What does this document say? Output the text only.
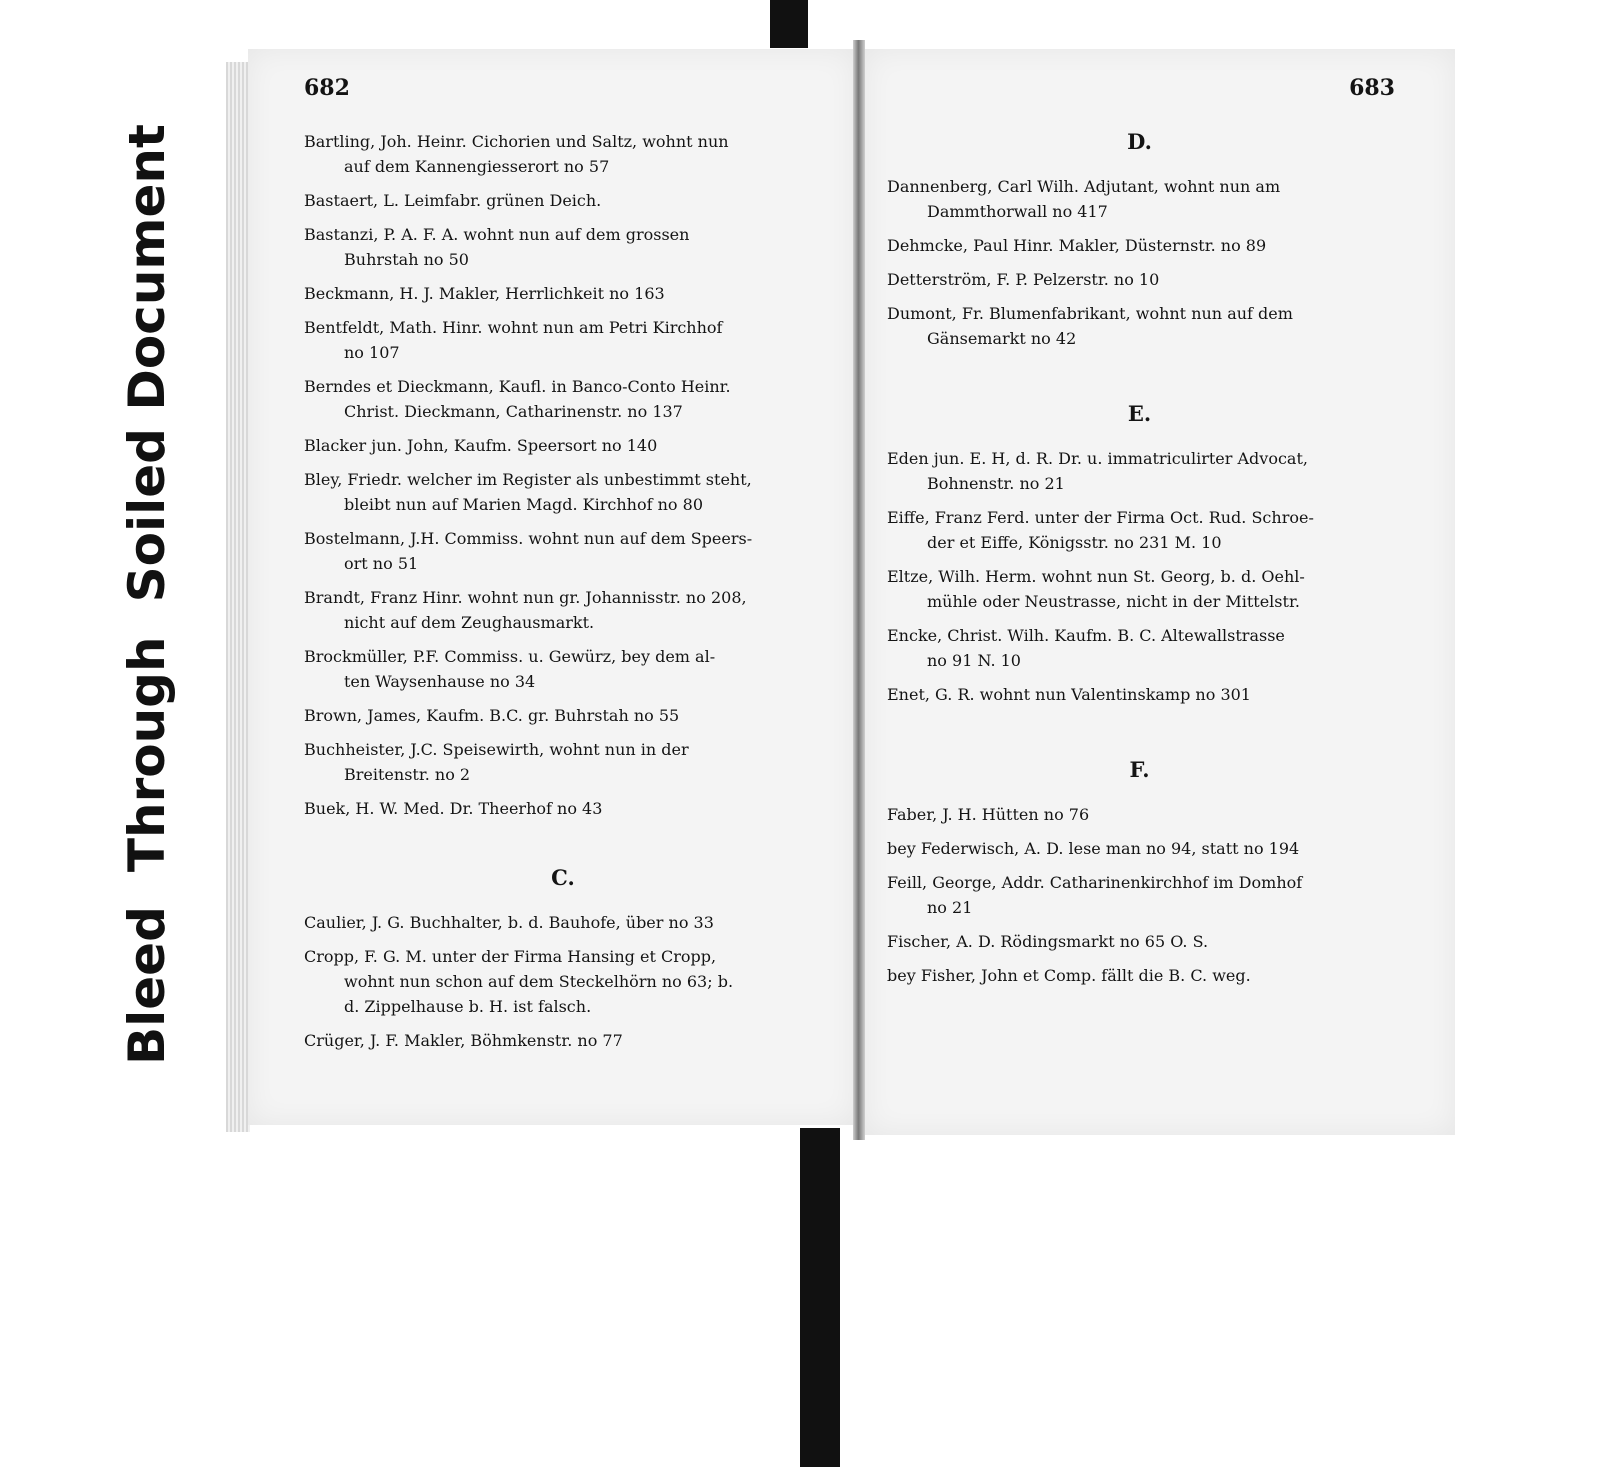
BleedThroughSoiled Document
682
Bartling, Joh. Heinr. Cichorien und Saltz, wohnt nun
auf dem Kannengiesserort no 57
Bastaert, L. Leimfabr. grünen Deich.
Bastanzi, P. A. F. A. wohnt nun auf dem grossen
Buhrstah no 50
Beckmann, H. J. Makler, Herrlichkeit no 163
Bentfeldt, Math. Hinr. wohnt nun am Petri Kirchhof
no 107
Berndes et Dieckmann, Kaufl. in Banco-Conto Heinr.
Christ. Dieckmann, Catharinenstr. no 137
Blacker jun. John, Kaufm. Speersort no 140
Bley, Friedr. welcher im Register als unbestimmt steht,
bleibt nun auf Marien Magd. Kirchhof no 80
Bostelmann, J.H. Commiss. wohnt nun auf dem Speers-
ort no 51
Brandt, Franz Hinr. wohnt nun gr. Johannisstr. no 208,
nicht auf dem Zeughausmarkt.
Brockmüller, P.F. Commiss. u. Gewürz, bey dem al-
ten Waysenhause no 34
Brown, James, Kaufm. B.C. gr. Buhrstah no 55
Buchheister, J.C. Speisewirth, wohnt nun in der
Breitenstr. no 2
Buek, H. W. Med. Dr. Theerhof no 43
C.
Caulier, J. G. Buchhalter, b. d. Bauhofe, über no 33
Cropp, F. G. M. unter der Firma Hansing et Cropp,
wohnt nun schon auf dem Steckelhörn no 63; b.
d. Zippelhause b. H. ist falsch.
Crüger, J. F. Makler, Böhmkenstr. no 77
683
D.
Dannenberg, Carl Wilh. Adjutant, wohnt nun am
Dammthorwall no 417
Dehmcke, Paul Hinr. Makler, Düsternstr. no 89
Detterström, F. P. Pelzerstr. no 10
Dumont, Fr. Blumenfabrikant, wohnt nun auf dem
Gänsemarkt no 42
E.
Eden jun. E. H, d. R. Dr. u. immatriculirter Advocat,
Bohnenstr. no 21
Eiffe, Franz Ferd. unter der Firma Oct. Rud. Schroe-
der et Eiffe, Königsstr. no 231 M. 10
Eltze, Wilh. Herm. wohnt nun St. Georg, b. d. Oehl-
mühle oder Neustrasse, nicht in der Mittelstr.
Encke, Christ. Wilh. Kaufm. B. C. Altewallstrasse
no 91 N. 10
Enet, G. R. wohnt nun Valentinskamp no 301
F.
Faber, J. H. Hütten no 76
bey Federwisch, A. D. lese man no 94, statt no 194
Feill, George, Addr. Catharinenkirchhof im Domhof
no 21
Fischer, A. D. Rödingsmarkt no 65 O. S.
bey Fisher, John et Comp. fällt die B. C. weg.
